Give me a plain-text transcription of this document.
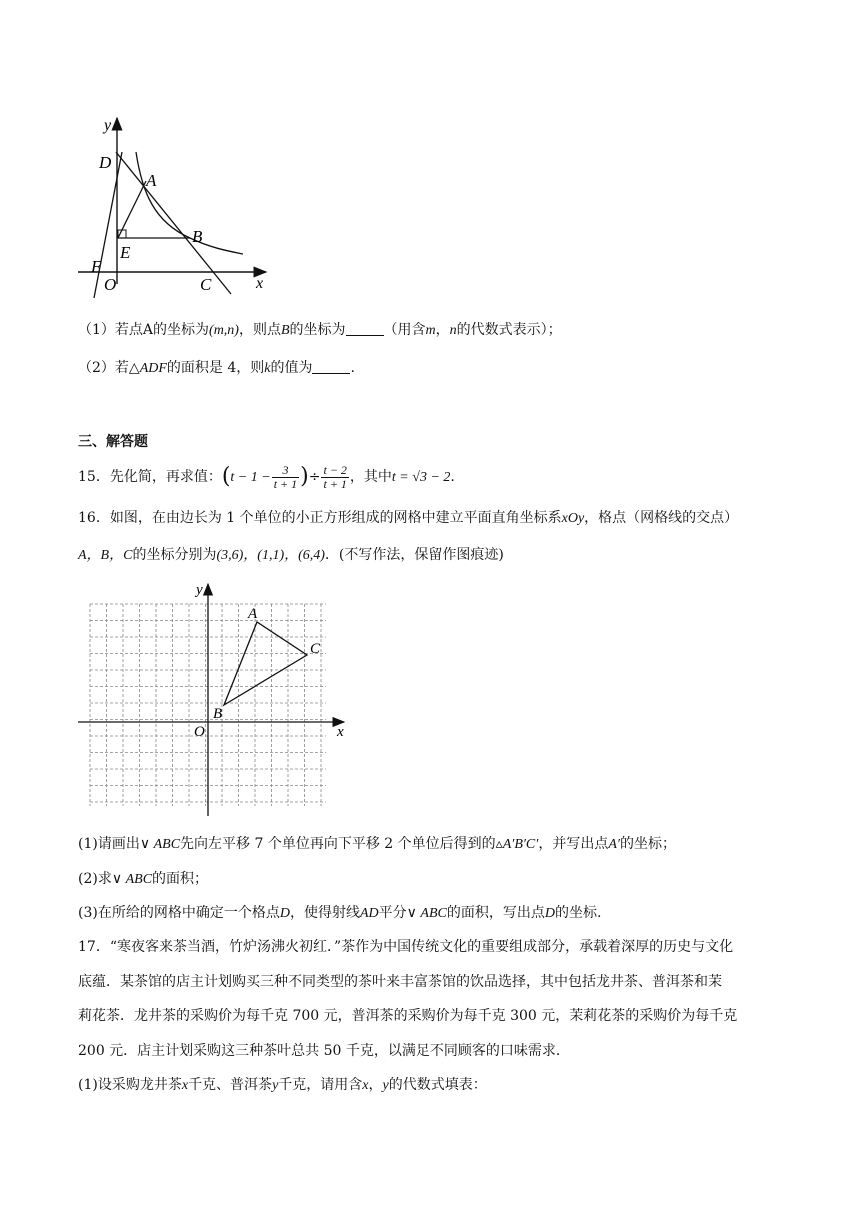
y
x
D
A
B
E
F
O	C
（1）若点A的坐标为(m,n)，则点B的坐标为	（用含m，n的代数式表示）；
（2）若△ADF的面积是 4，则k的值为	.
三、解答题
15．先化简，再求值：($t - 1 - \frac{3}{t + 1}$ )÷ $\frac{t - 2}{t + 1}$ ，其中t = √3 − 2.
16．如图，在由边长为 1 个单位的小正方形组成的网格中建立平面直角坐标系xOy，格点（网格线的交点）
A，B，C的坐标分别为(3,6)，(1,1)，(6,4)．(不写作法，保留作图痕迹)
y
x
O
A
B
C
(1)请画出∨ ABC先向左平移 7 个单位再向下平移 2 个单位后得到的▵A′B′C′，并写出点A′的坐标；
(2)求∨ ABC的面积；
(3)在所给的网格中确定一个格点D，使得射线AD平分∨ ABC的面积，写出点D的坐标.
17．“寒夜客来茶当酒，竹炉汤沸火初红．”茶作为中国传统文化的重要组成部分，承载着深厚的历史与文化
底蕴．某茶馆的店主计划购买三种不同类型的茶叶来丰富茶馆的饮品选择，其中包括龙井茶、普洱茶和茉
莉花茶．龙井茶的采购价为每千克 700 元，普洱茶的采购价为每千克 300 元，茉莉花茶的采购价为每千克
200 元．店主计划采购这三种茶叶总共 50 千克，以满足不同顾客的口味需求．
(1)设采购龙井茶x千克、普洱茶y千克，请用含x，y的代数式填表：
